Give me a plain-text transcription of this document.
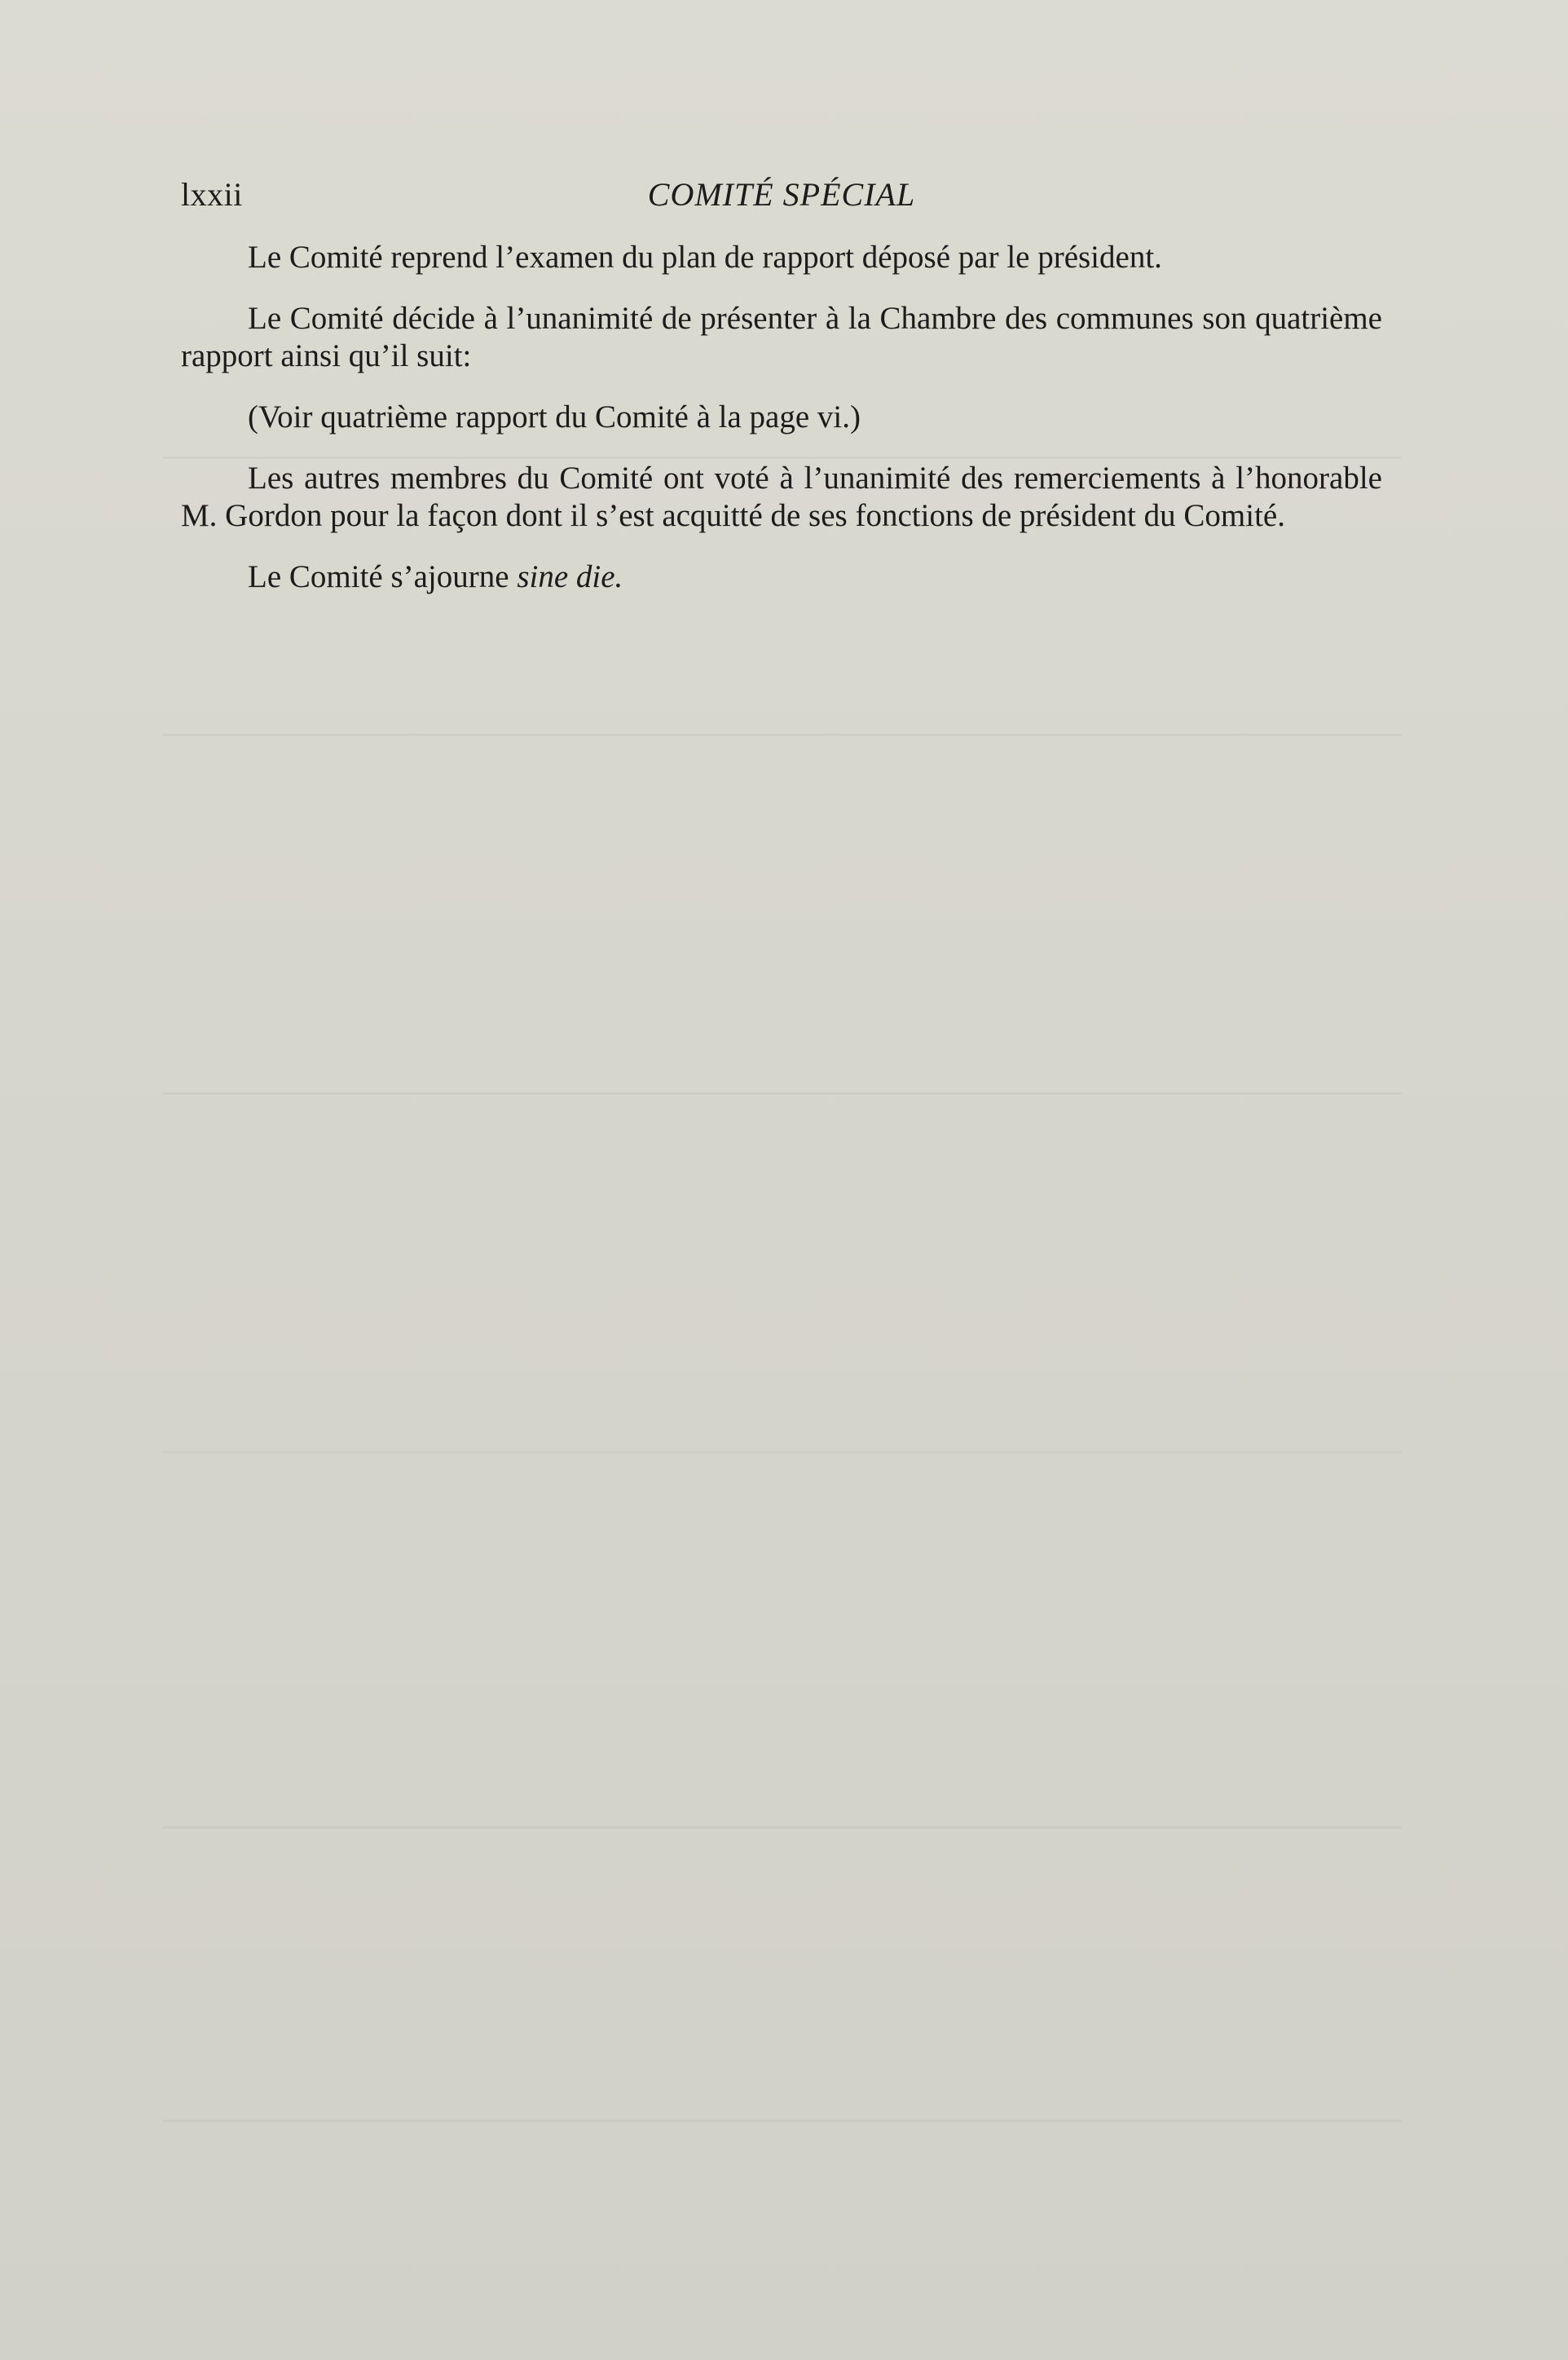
lxxii	COMITÉ SPÉCIAL

Le Comité reprend l’examen du plan de rapport déposé par le président.

Le Comité décide à l’unanimité de présenter à la Chambre des communes son quatrième rapport ainsi qu’il suit:

(Voir quatrième rapport du Comité à la page vi.)

Les autres membres du Comité ont voté à l’unanimité des remerciements à l’honorable M. Gordon pour la façon dont il s’est acquitté de ses fonctions de président du Comité.

Le Comité s’ajourne sine die.
